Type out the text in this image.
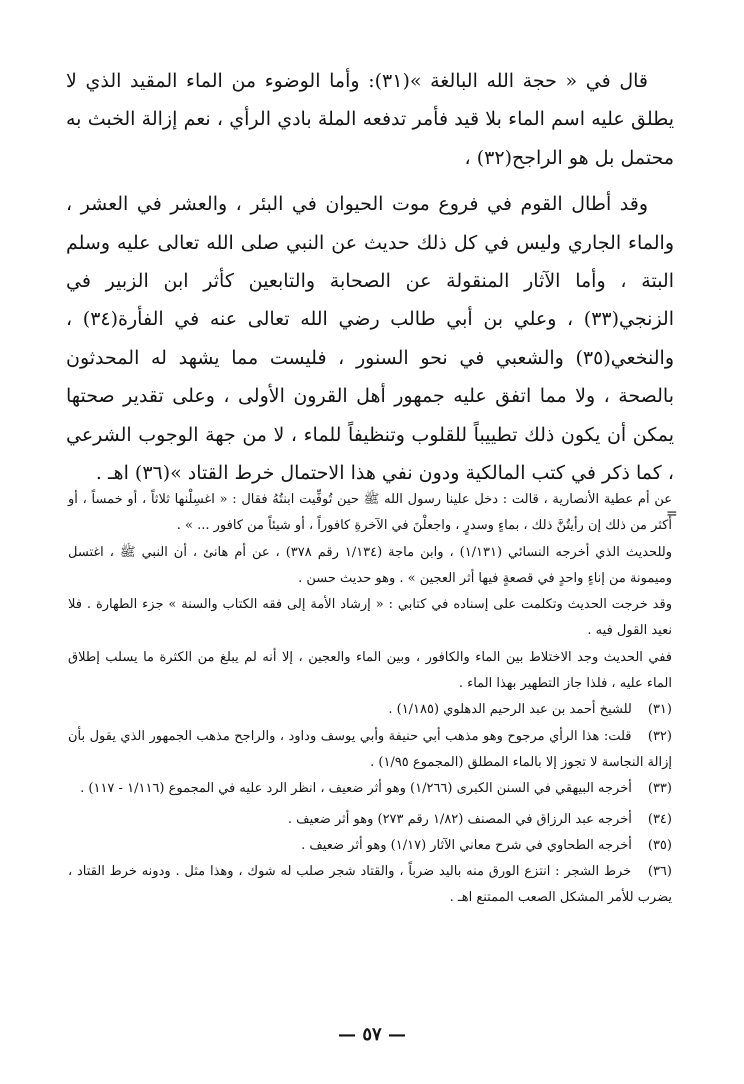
قال في « حجة الله البالغة »(٣١): وأما الوضوء من الماء المقيد الذي لا يطلق عليه اسم الماء بلا قيد فأمر تدفعه الملة بادي الرأي ، نعم إزالة الخبث به محتمل بل هو الراجح(٣٢) ،

وقد أطال القوم في فروع موت الحيوان في البئر ، والعشر في العشر ، والماء الجاري وليس في كل ذلك حديث عن النبي صلى الله تعالى عليه وسلم البتة ، وأما الآثار المنقولة عن الصحابة والتابعين كأثر ابن الزبير في الزنجي(٣٣) ، وعلي بن أبي طالب رضي الله تعالى عنه في الفأرة(٣٤) ، والنخعي(٣٥) والشعبي في نحو السنور ، فليست مما يشهد له المحدثون بالصحة ، ولا مما اتفق عليه جمهور أهل القرون الأولى ، وعلى تقدير صحتها يمكن أن يكون ذلك تطييباً للقلوب وتنظيفاً للماء ، لا من جهة الوجوب الشرعي ، كما ذكر في كتب المالكية ودون نفي هذا الاحتمال خرط القتاد »(٣٦) اهـ .

=

عن أم عطية الأنصارية ، قالت : دخل علينا رسول الله ﷺ حين تُوفِّيت ابنتُهُ فقال : « اغسِلْنها ثلاثاً ، أو خمساً ، أو أكثر من ذلك إن رأيتُنَّ ذلك ، بماءٍ وسدرٍ ، واجعلْنَ في الآخرةِ كافوراً ، أو شيئاً من كافور ... » .

وللحديث الذي أخرجه النسائي (١/١٣١) ، وابن ماجة (١/١٣٤ رقم ٣٧٨) ، عن أم هانئ ، أن النبي ﷺ ، اغتسل وميمونة من إناءٍ واحدٍ في قصعةٍ فيها أثر العجين » . وهو حديث حسن .

وقد خرجت الحديث وتكلمت على إسناده في كتابي : « إرشاد الأمة إلى فقه الكتاب والسنة » جزء الطهارة . فلا نعيد القول فيه .

ففي الحديث وجد الاختلاط بين الماء والكافور ، وبين الماء والعجين ، إلا أنه لم يبلغ من الكثرة ما يسلب إطلاق الماء عليه ، فلذا جاز التطهير بهذا الماء .

(٣١) للشيخ أحمد بن عبد الرحيم الدهلوي (١/١٨٥) .

(٣٢) قلت: هذا الرأي مرجوح وهو مذهب أبي حنيفة وأبي يوسف وداود ، والراجح مذهب الجمهور الذي يقول بأن إزالة النجاسة لا تجوز إلا بالماء المطلق (المجموع ١/٩٥) .

(٣٣) أخرجه البيهقي في السنن الكبرى (١/٢٦٦) وهو أثر ضعيف ، انظر الرد عليه في المجموع (١/١١٦ - ١١٧) .

(٣٤) أخرجه عبد الرزاق في المصنف (١/٨٢ رقم ٢٧٣) وهو أثر ضعيف .

(٣٥) أخرجه الطحاوي في شرح معاني الآثار (١/١٧) وهو أثر ضعيف .

(٣٦) خرط الشجر : انتزع الورق منه باليد ضرباً ، والقتاد شجر صلب له شوك ، وهذا مثل . ودونه خرط القتاد ، يضرب للأمر المشكل الصعب الممتنع اهـ .

— ٥٧ —
